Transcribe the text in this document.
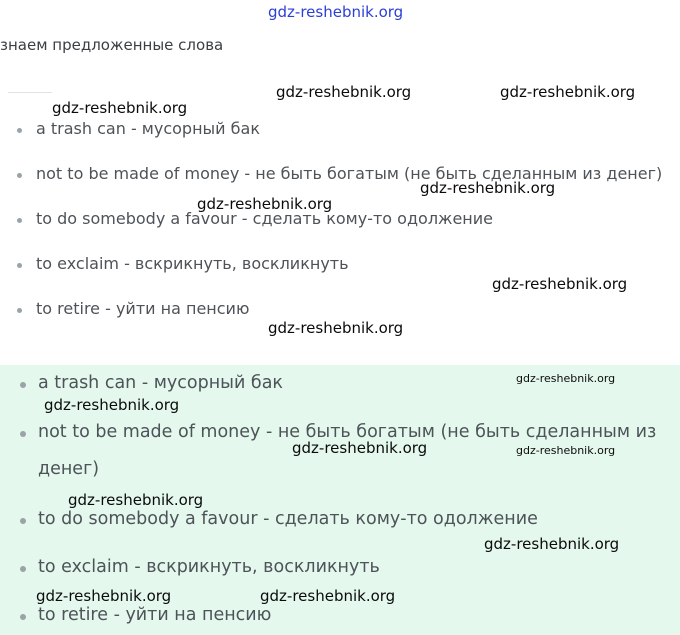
gdz-reshebnik.org
знаем предложенные слова
a trash can - мусорный бак
not to be made of money - не быть богатым (не быть сделанным из денег)
to do somebody a favour - сделать кому-то одолжение
to exclaim - вскрикнуть, воскликнуть
to retire - уйти на пенсию
a trash can - мусорный бак
not to be made of money - не быть богатым (не быть сделанным из
денег)
to do somebody a favour - сделать кому-то одолжение
to exclaim - вскрикнуть, воскликнуть
to retire - уйти на пенсию
gdz-reshebnik.org	gdz-reshebnik.org
gdz-reshebnik.org
gdz-reshebnik.org
gdz-reshebnik.org
gdz-reshebnik.org
gdz-reshebnik.org
gdz-reshebnik.org
gdz-reshebnik.org
gdz-reshebnik.org	gdz-reshebnik.org
gdz-reshebnik.org
gdz-reshebnik.org
gdz-reshebnik.org	gdz-reshebnik.org
